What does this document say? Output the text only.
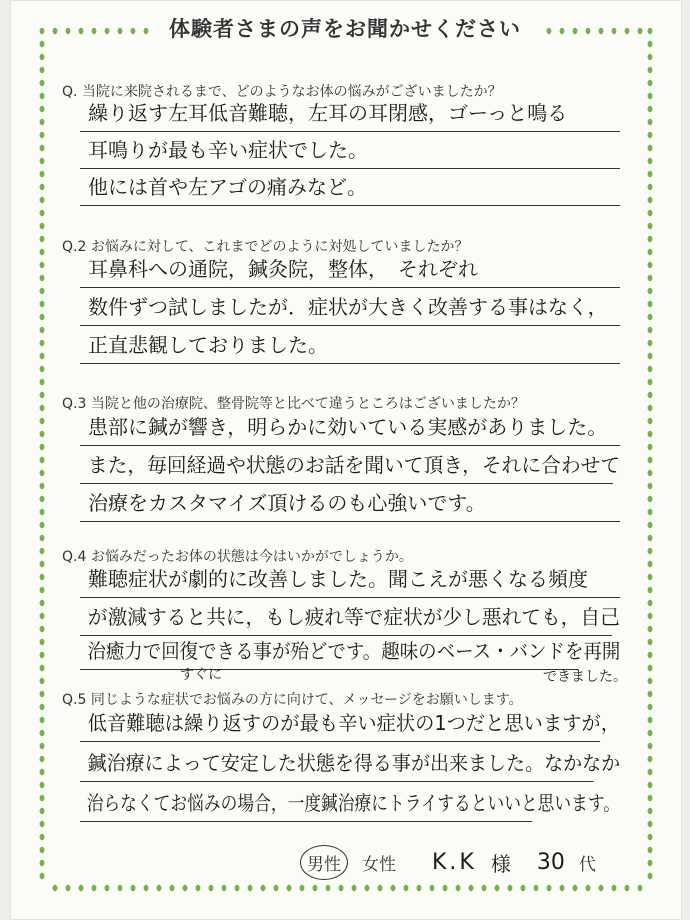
体験者さまの声をお聞かせください
Q. 当院に来院されるまで、どのようなお体の悩みがございましたか？
繰り返す左耳低音難聴，左耳の耳閉感，ゴーっと鳴る
耳鳴りが最も辛い症状でした。
他には首や左アゴの痛みなど。
Q.2 お悩みに対して、これまでどのように対処していましたか？
耳鼻科への通院，鍼灸院，整体，　それぞれ
数件ずつ試しましたが．症状が大きく改善する事はなく，
正直悲観しておりました。
Q.3 当院と他の治療院、整骨院等と比べて違うところはございましたか？
患部に鍼が響き，明らかに効いている実感がありました。
また，毎回経過や状態のお話を聞いて頂き，それに合わせて
治療をカスタマイズ頂けるのも心強いです。
Q.4 お悩みだったお体の状態は今はいかがでしょうか。
難聴症状が劇的に改善しました。聞こえが悪くなる頻度
が激減すると共に，もし疲れ等で症状が少し悪れても，自己
治癒力で回復できる事が殆どです。趣味のベース・バンドを再開
すぐに	できました。
Q.5 同じような症状でお悩みの方に向けて、メッセージをお願いします。
低音難聴は繰り返すのが最も辛い症状の1つだと思いますが，
鍼治療によって安定した状態を得る事が出来ました。なかなか
治らなくてお悩みの場合，一度鍼治療にトライするといいと思います。
男性	女性 K.K 様 30 代
